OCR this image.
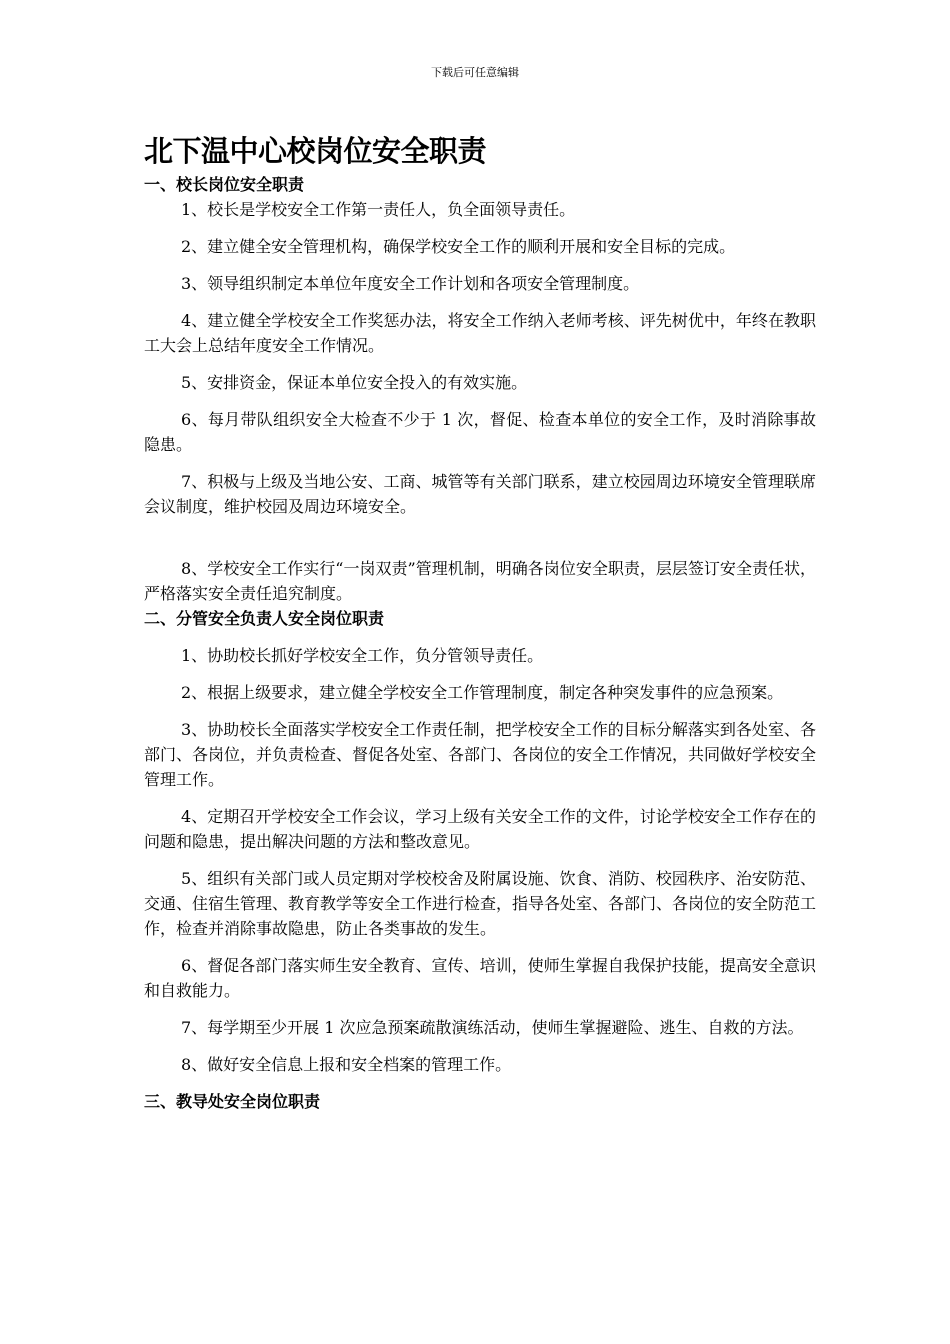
下载后可任意编辑
北下温中心校岗位安全职责
一、校长岗位安全职责

1、校长是学校安全工作第一责任人，负全面领导责任。

2、建立健全安全管理机构，确保学校安全工作的顺利开展和安全目标的完成。

3、领导组织制定本单位年度安全工作计划和各项安全管理制度。

4、建立健全学校安全工作奖惩办法，将安全工作纳入老师考核、评先树优中，年终在教职工大会上总结年度安全工作情况。

5、安排资金，保证本单位安全投入的有效实施。

6、每月带队组织安全大检查不少于 1 次，督促、检查本单位的安全工作，及时消除事故隐患。

7、积极与上级及当地公安、工商、城管等有关部门联系，建立校园周边环境安全管理联席会议制度，维护校园及周边环境安全。

8、学校安全工作实行“一岗双责”管理机制，明确各岗位安全职责，层层签订安全责任状，严格落实安全责任追究制度。

二、分管安全负责人安全岗位职责

1、协助校长抓好学校安全工作，负分管领导责任。

2、根据上级要求，建立健全学校安全工作管理制度，制定各种突发事件的应急预案。

3、协助校长全面落实学校安全工作责任制，把学校安全工作的目标分解落实到各处室、各部门、各岗位，并负责检查、督促各处室、各部门、各岗位的安全工作情况，共同做好学校安全管理工作。

4、定期召开学校安全工作会议，学习上级有关安全工作的文件，讨论学校安全工作存在的问题和隐患，提出解决问题的方法和整改意见。

5、组织有关部门或人员定期对学校校舍及附属设施、饮食、消防、校园秩序、治安防范、交通、住宿生管理、教育教学等安全工作进行检查，指导各处室、各部门、各岗位的安全防范工作，检查并消除事故隐患，防止各类事故的发生。

6、督促各部门落实师生安全教育、宣传、培训，使师生掌握自我保护技能，提高安全意识和自救能力。

7、每学期至少开展 1 次应急预案疏散演练活动，使师生掌握避险、逃生、自救的方法。

8、做好安全信息上报和安全档案的管理工作。

三、教导处安全岗位职责
